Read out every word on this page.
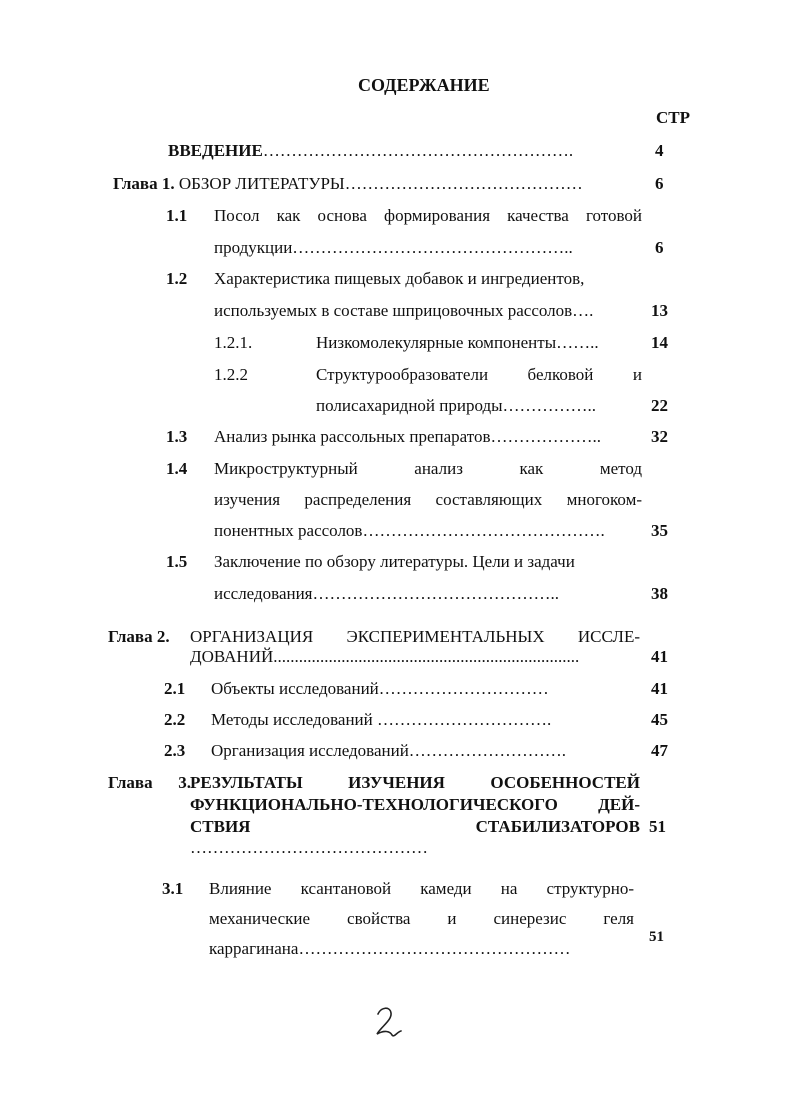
СОДЕРЖАНИЕ
СТР
ВВЕДЕНИЕ……………………………………………….	4
Глава 1. ОБЗОР ЛИТЕРАТУРЫ……………………………………	6
1.1 Посол как основа формирования качества готовой
продукции…………………………………………..	6
1.2 Характеристика пищевых добавок и ингредиентов,
используемых в составе шприцовочных рассолов….	13
1.2.1.	Низкомолекулярные компоненты……..	14
1.2.2	Структурообразователи белковой и
полисахаридной природы……………..	22
1.3 Анализ рынка рассольных препаратов………………..	32
1.4 Микроструктурный анализ как метод
изучения распределения составляющих многоком-
понентных рассолов…………………………………….	35
1.5 Заключение по обзору литературы. Цели и задачи
исследования……………………………………..	38
Глава 2. ОРГАНИЗАЦИЯ ЭКСПЕРИМЕНТАЛЬНЫХ ИССЛЕ-
ДОВАНИЙ........................................................................	41
2.1 Объекты исследований…………………………	41
2.2 Методы исследований ………………………….	45
2.3 Организация исследований……………………….	47
Глава 3. РЕЗУЛЬТАТЫ ИЗУЧЕНИЯ ОСОБЕННОСТЕЙ
ФУНКЦИОНАЛЬНО-ТЕХНОЛОГИЧЕСКОГО ДЕЙ-
СТВИЯ СТАБИЛИЗАТОРОВ 51
……………………………………
3.1 Влияние ксантановой камеди на структурно-
механические свойства и синерезис геля
каррагинана…………………………………………
51
